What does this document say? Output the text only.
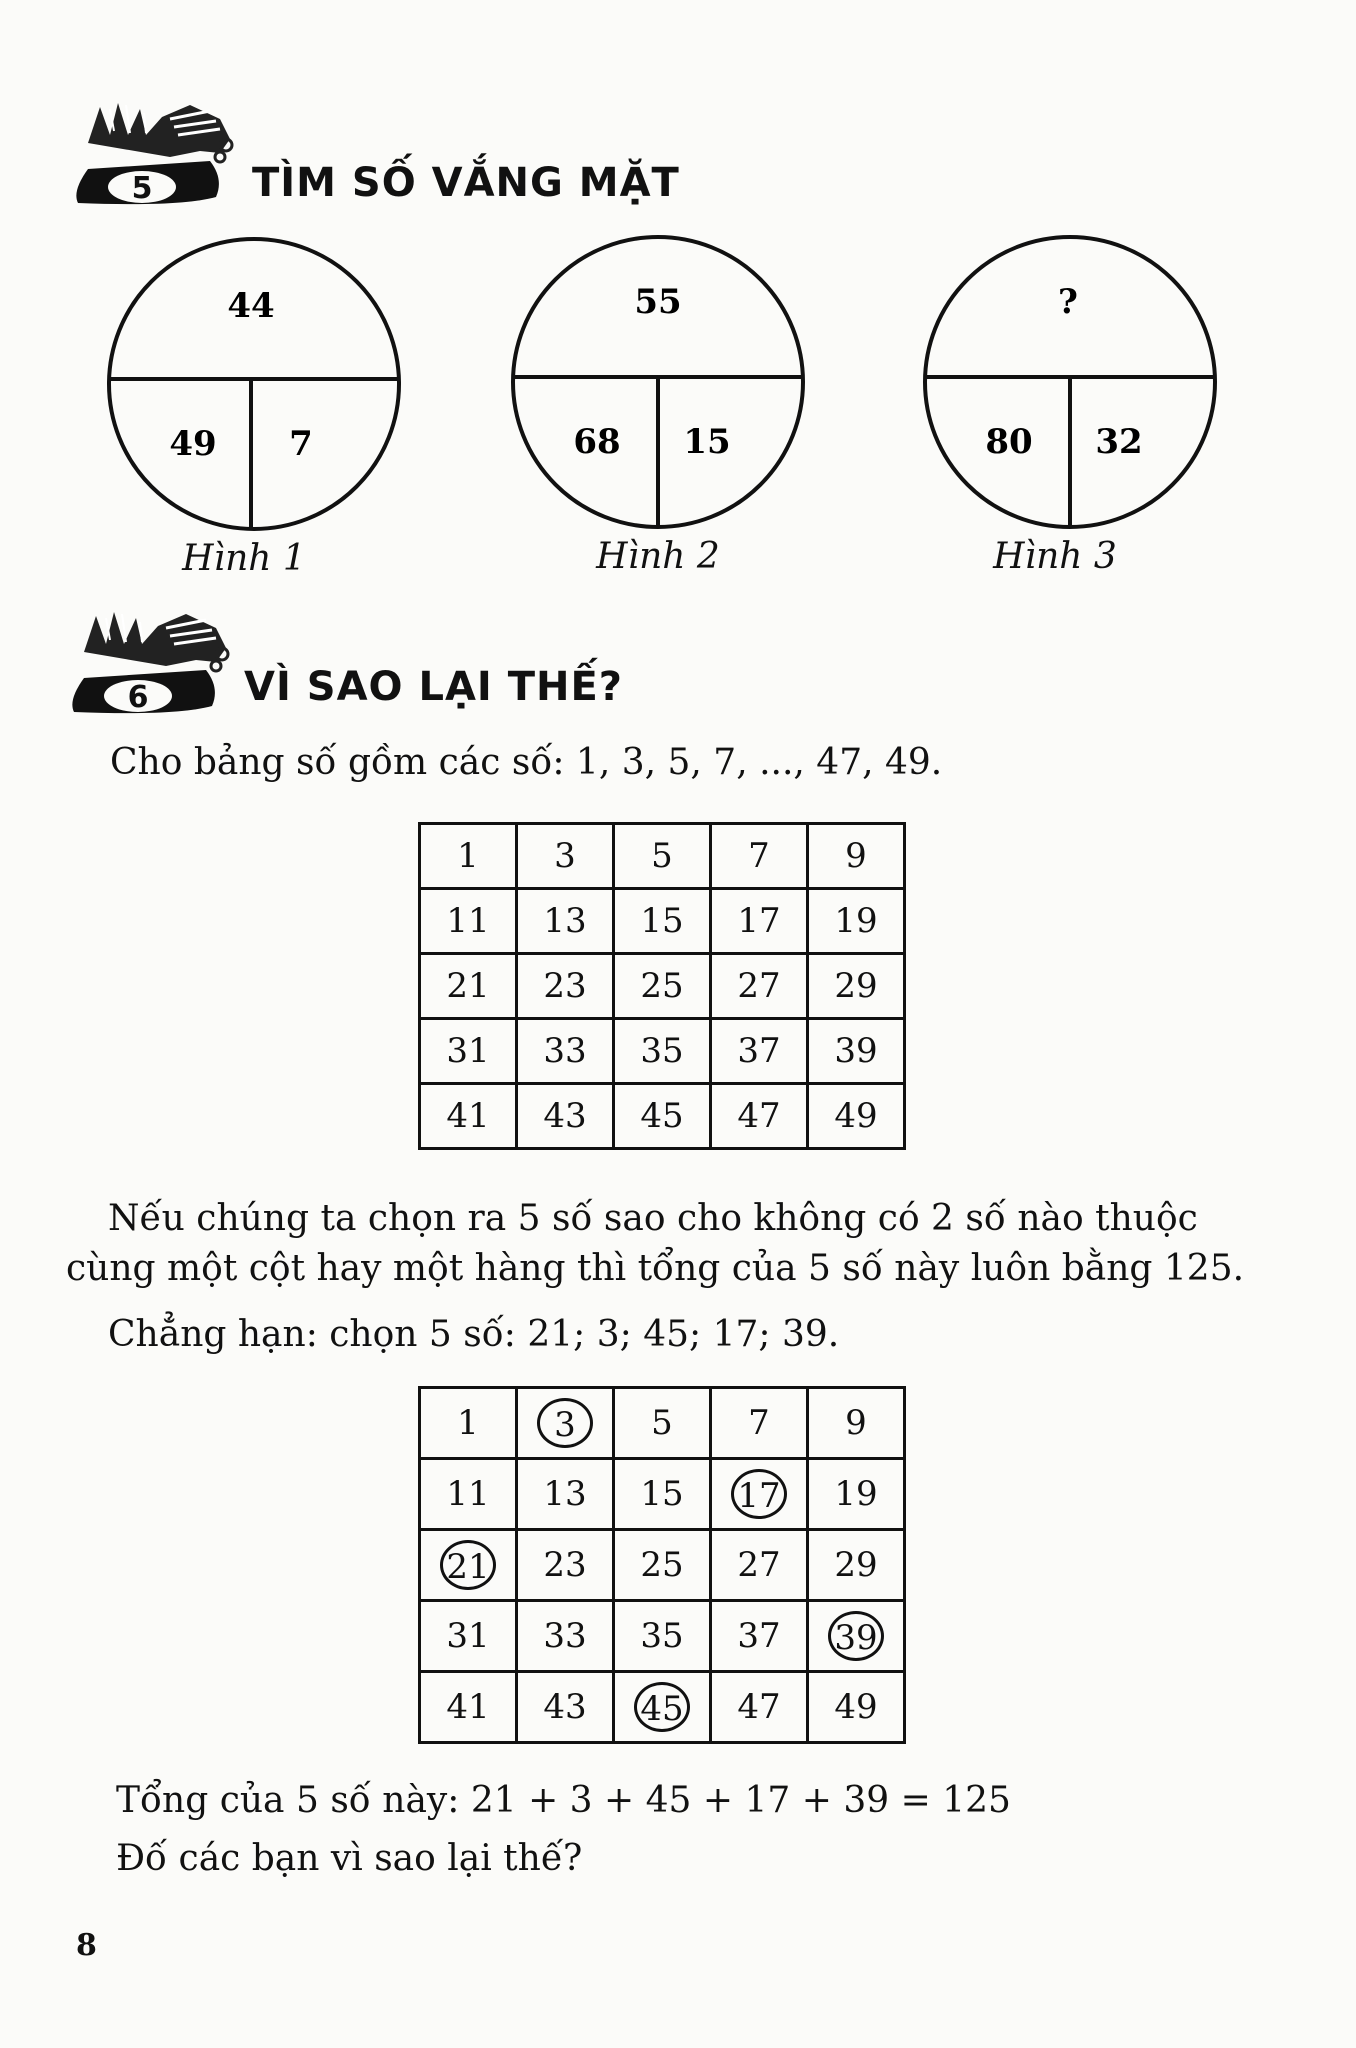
5 TÌM SỐ VẮNG MẶT
44
49 7
Hình 1
55
68 15
Hình 2
?
80 32
Hình 3
6 VÌ SAO LẠI THẾ?
Cho bảng số gồm các số: 1, 3, 5, 7, ..., 47, 49.
1	3	5	7	9
11	13	15	17	19
21	23	25	27	29
31	33	35	37	39
41	43	45	47	49
Nếu chúng ta chọn ra 5 số sao cho không có 2 số nào thuộc
cùng một cột hay một hàng thì tổng của 5 số này luôn bằng 125.
Chẳng hạn: chọn 5 số: 21; 3; 45; 17; 39.
1	3	5	7	9
11	13	15	17	19
21	23	25	27	29
31	33	35	37	39
41	43	45	47	49
Tổng của 5 số này: 21 + 3 + 45 + 17 + 39 = 125
Đố các bạn vì sao lại thế?
8
